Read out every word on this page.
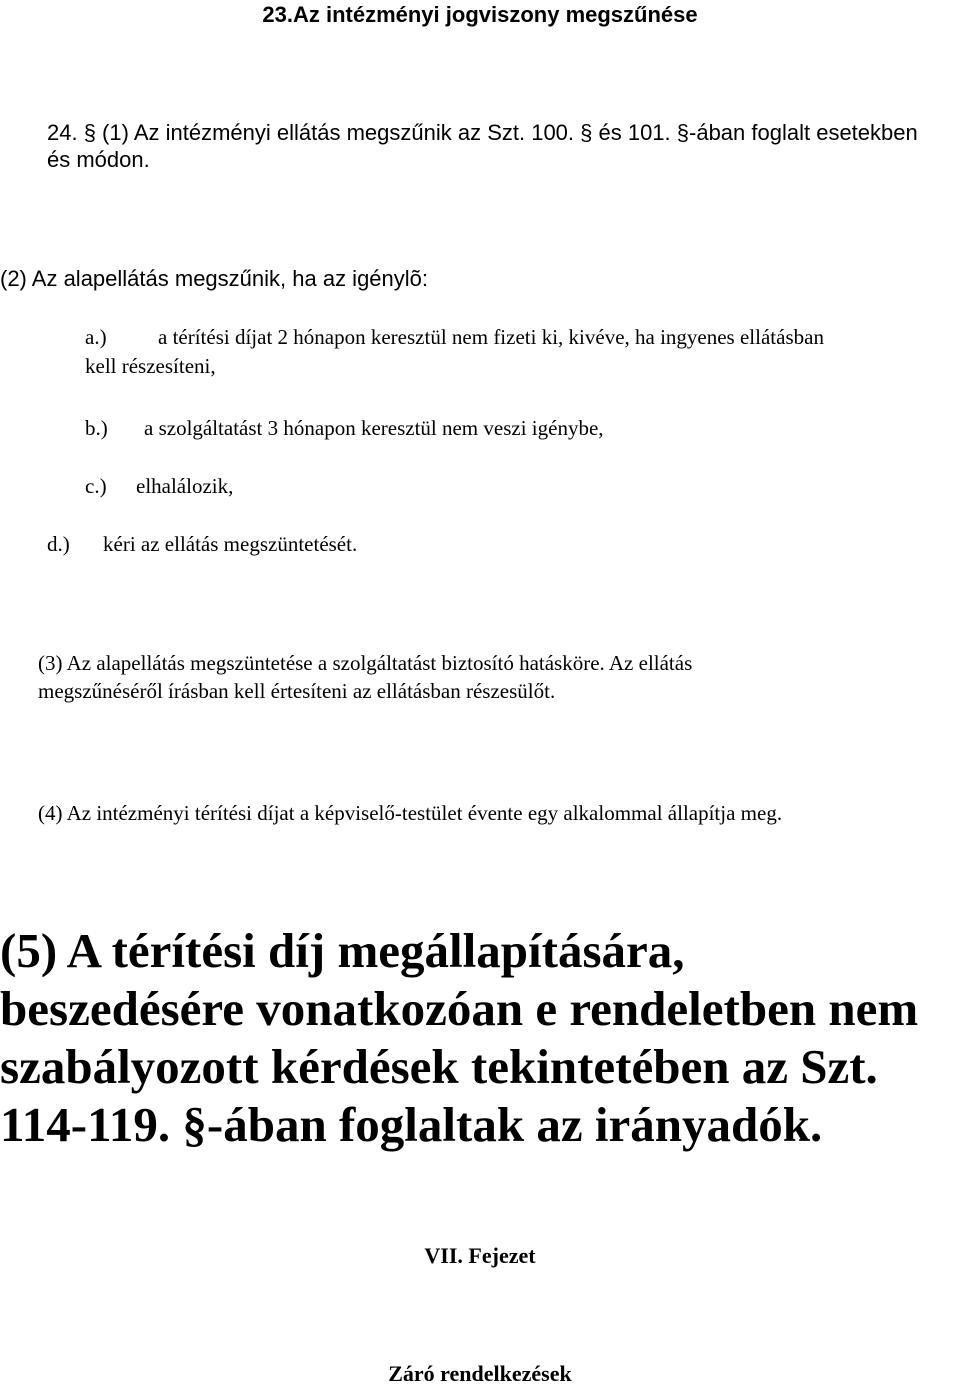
23.Az intézményi jogviszony megszűnése

24. § (1) Az intézményi ellátás megszűnik az Szt. 100. § és 101. §-ában foglalt esetekben

és módon.

(2) Az alapellátás megszűnik, ha az igénylõ:

a.) a térítési díjat 2 hónapon keresztül nem fizeti ki, kivéve, ha ingyenes ellátásban
kell részesíteni,
b.) a szolgáltatást 3 hónapon keresztül nem veszi igénybe,
c.) elhalálozik,
d.) kéri az ellátás megszüntetését.

(3) Az alapellátás megszüntetése a szolgáltatást biztosító hatásköre. Az ellátás

megszűnéséről írásban kell értesíteni az ellátásban részesülőt.

(4) Az intézményi térítési díjat a képviselő-testület évente egy alkalommal állapítja meg.

(5) A térítési díj megállapítására,
beszedésére vonatkozóan e rendeletben nem
szabályozott kérdések tekintetében az Szt.
114-119. §-ában foglaltak az irányadók.
VII. Fejezet
Záró rendelkezések
